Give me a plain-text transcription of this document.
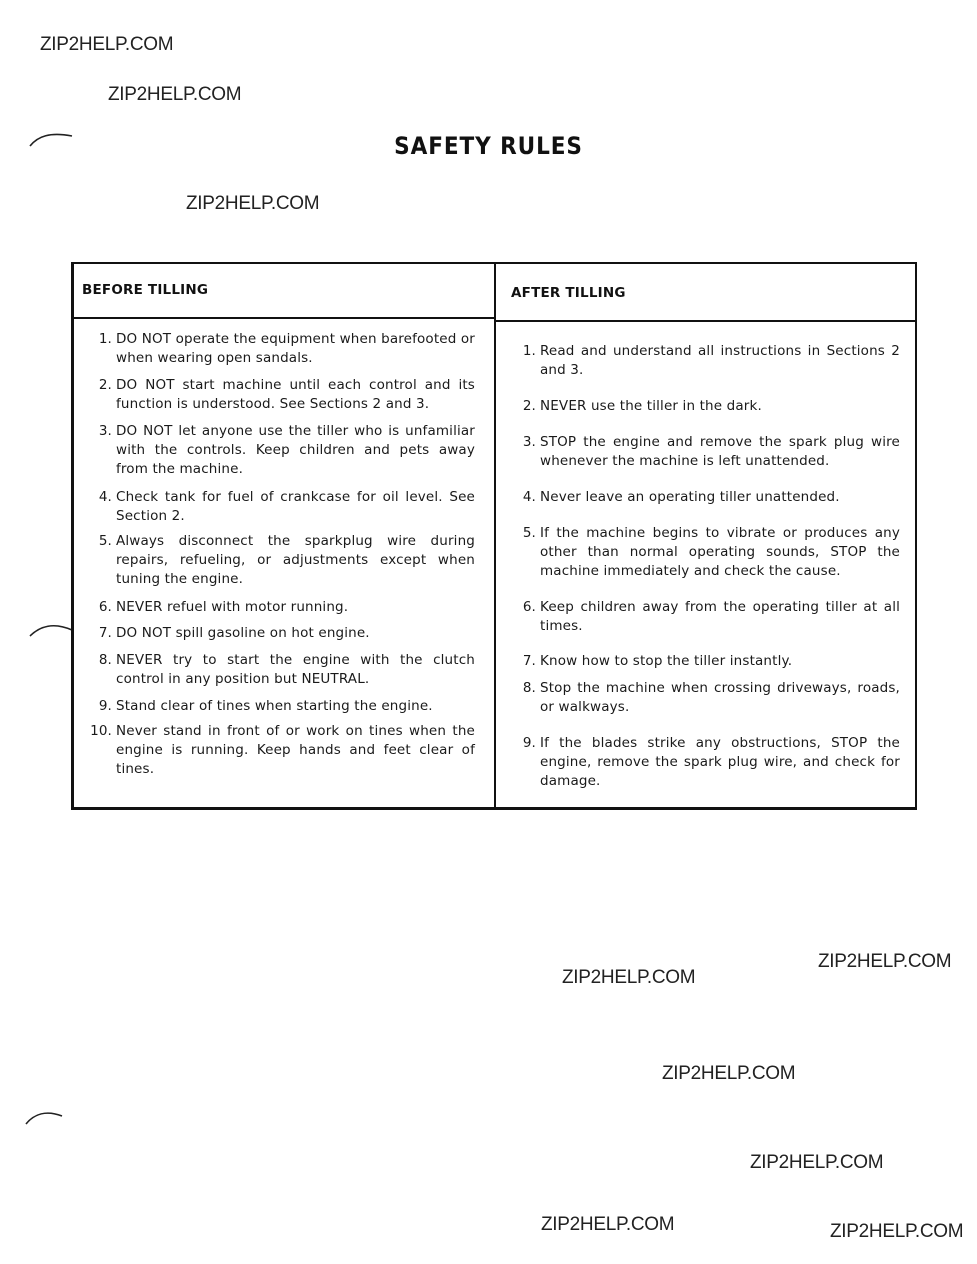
ZIP2HELP.COM
ZIP2HELP.COM
ZIP2HELP.COM
ZIP2HELP.COM
ZIP2HELP.COM
ZIP2HELP.COM
ZIP2HELP.COM
ZIP2HELP.COM	ZIP2HELP.COM
SAFETY RULES
BEFORE TILLING
1. DO NOT operate the equipment when barefooted or when wearing open sandals.
2. DO NOT start machine until each control and its function is understood. See Sections 2 and 3.
3. DO NOT let anyone use the tiller who is unfamiliar with the controls. Keep children and pets away from the machine.
4. Check tank for fuel of crankcase for oil level. See Section 2.
5. Always disconnect the sparkplug wire during repairs, refueling, or adjustments except when tuning the engine.
6. NEVER refuel with motor running.
7. DO NOT spill gasoline on hot engine.
8. NEVER try to start the engine with the clutch control in any position but NEUTRAL.
9. Stand clear of tines when starting the engine.
10. Never stand in front of or work on tines when the engine is running. Keep hands and feet clear of tines.
AFTER TILLING
1. Read and understand all instructions in Sections 2 and 3.
2. NEVER use the tiller in the dark.
3. STOP the engine and remove the spark plug wire whenever the machine is left unattended.
4. Never leave an operating tiller unattended.
5. If the machine begins to vibrate or produces any other than normal operating sounds, STOP the machine immediately and check the cause.
6. Keep children away from the operating tiller at all times.
7. Know how to stop the tiller instantly.
8. Stop the machine when crossing driveways, roads, or walkways.
9. If the blades strike any obstructions, STOP the engine, remove the spark plug wire, and check for damage.
